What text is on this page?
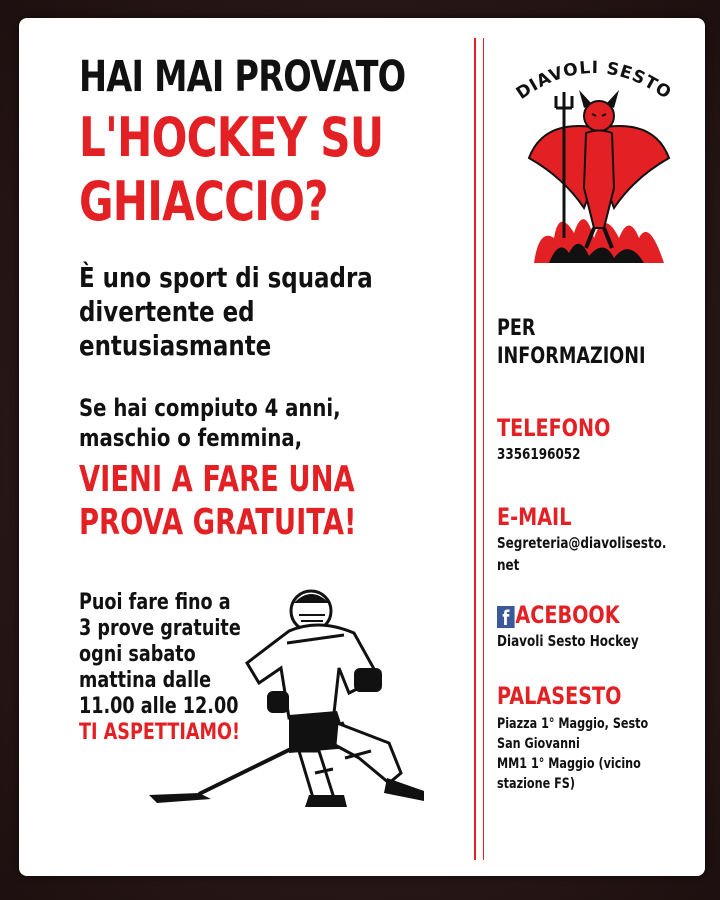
HAI MAI PROVATO
L'HOCKEY SU
GHIACCIO?
È uno sport di squadra
divertente ed
entusiasmante
Se hai compiuto 4 anni,
maschio o femmina,
VIENI A FARE UNA
PROVA GRATUITA!
Puoi fare fino a
3 prove gratuite
ogni sabato
mattina dalle
11.00 alle 12.00
TI ASPETTIAMO!
DIAVOLI SESTO
PER
INFORMAZIONI
TELEFONO
3356196052
E-MAIL
Segreteria@diavolisesto.
net
f ACEBOOK
Diavoli Sesto Hockey
PALASESTO
Piazza 1° Maggio, Sesto
San Giovanni
MM1 1° Maggio (vicino
stazione FS)
